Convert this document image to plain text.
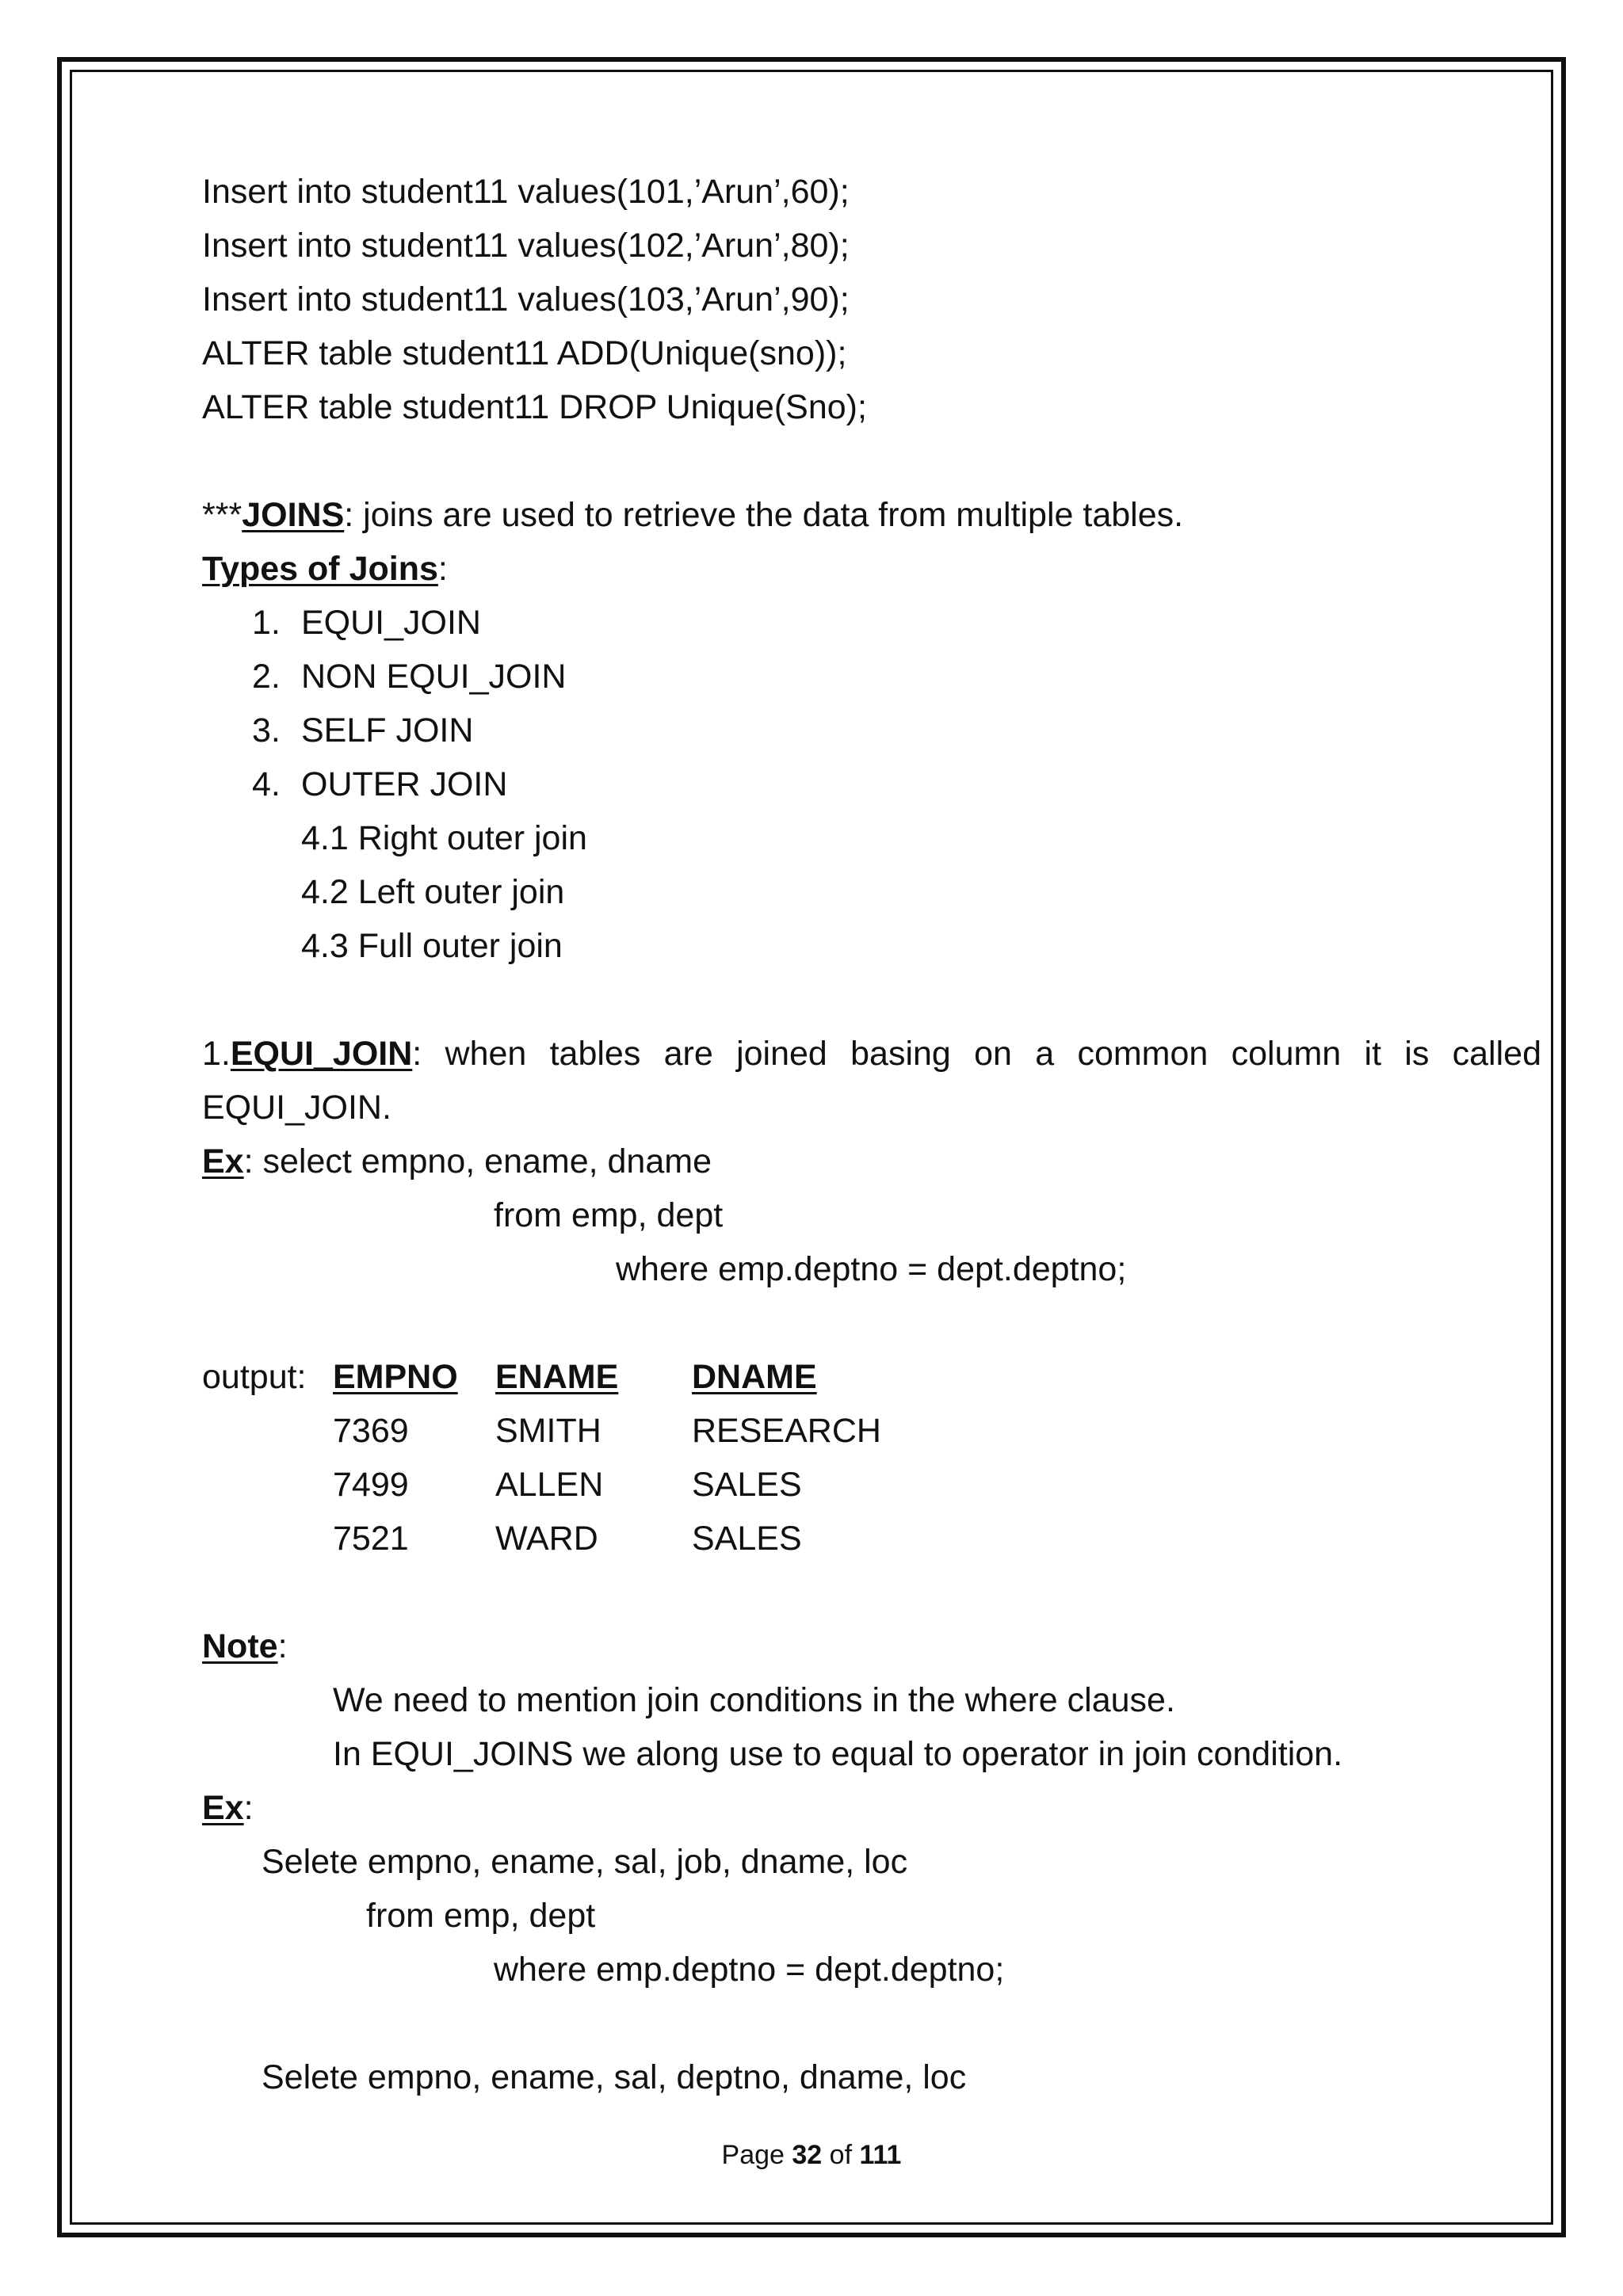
Insert into student11 values(101,’Arun’,60);
Insert into student11 values(102,’Arun’,80);
Insert into student11 values(103,’Arun’,90);
ALTER table student11 ADD(Unique(sno));
ALTER table student11 DROP Unique(Sno);
***JOINS: joins are used to retrieve the data from multiple tables.
Types of Joins:
1. EQUI_JOIN
2. NON EQUI_JOIN
3. SELF JOIN
4. OUTER JOIN
4.1 Right outer join
4.2 Left outer join
4.3 Full outer join
1.EQUI_JOIN: when tables are joined basing on a common column it is called
EQUI_JOIN.
Ex: select empno, ename, dname
from emp, dept
where emp.deptno = dept.deptno;
output: EMPNO	ENAME	DNAME
7369	SMITH	RESEARCH
7499	ALLEN	SALES
7521	WARD	SALES
Note:
We need to mention join conditions in the where clause.
In EQUI_JOINS we along use to equal to operator in join condition.
Ex:
Selete empno, ename, sal, job, dname, loc
from emp, dept
where emp.deptno = dept.deptno;
Selete empno, ename, sal, deptno, dname, loc
Page 32 of 111
